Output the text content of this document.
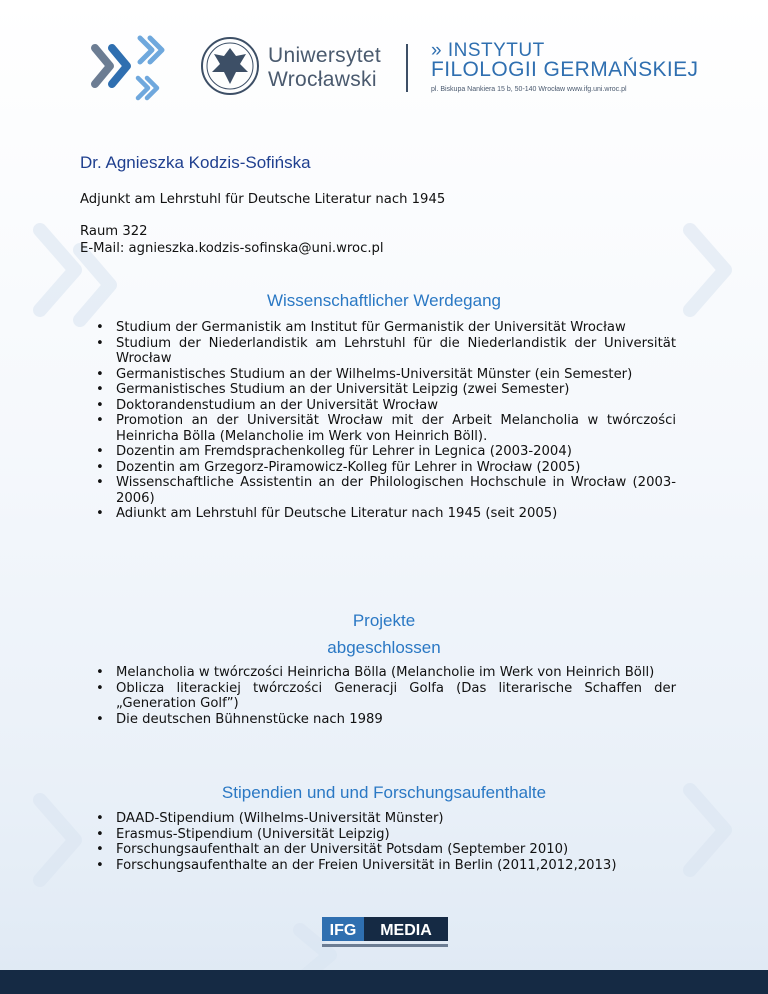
Uniwersytet
Wrocławski
» INSTYTUT
FILOLOGII GERMAŃSKIEJ
pl. Biskupa Nankiera 15 b, 50-140 Wrocław www.ifg.uni.wroc.pl
Dr. Agnieszka Kodzis-Sofińska
Adjunkt am Lehrstuhl für Deutsche Literatur nach 1945
Raum 322
E-Mail: agnieszka.kodzis-sofinska@uni.wroc.pl
Wissenschaftlicher Werdegang
• Studium der Germanistik am Institut für Germanistik der Universität Wrocław
• Studium der Niederlandistik am Lehrstuhl für die Niederlandistik der Universität Wrocław
• Germanistisches Studium an der Wilhelms-Universität Münster (ein Semester)
• Germanistisches Studium an der Universität Leipzig (zwei Semester)
• Doktorandenstudium an der Universität Wrocław
• Promotion an der Universität Wrocław mit der Arbeit Melancholia w twórczości Heinricha Bölla (Melancholie im Werk von Heinrich Böll).
• Dozentin am Fremdsprachenkolleg für Lehrer in Legnica (2003-2004)
• Dozentin am Grzegorz-Piramowicz-Kolleg für Lehrer in Wrocław (2005)
• Wissenschaftliche Assistentin an der Philologischen Hochschule in Wrocław (2003-2006)
• Adiunkt am Lehrstuhl für Deutsche Literatur nach 1945 (seit 2005)
Projekte
abgeschlossen
• Melancholia w twórczości Heinricha Bölla (Melancholie im Werk von Heinrich Böll)
• Oblicza literackiej twórczości Generacji Golfa (Das literarische Schaffen der „Generation Golf”)
• Die deutschen Bühnenstücke nach 1989
Stipendien und und Forschungsaufenthalte
• DAAD-Stipendium (Wilhelms-Universität Münster)
• Erasmus-Stipendium (Universität Leipzig)
• Forschungsaufenthalt an der Universität Potsdam (September 2010)
• Forschungsaufenthalte an der Freien Universität in Berlin (2011,2012,2013)
IFG MEDIA
